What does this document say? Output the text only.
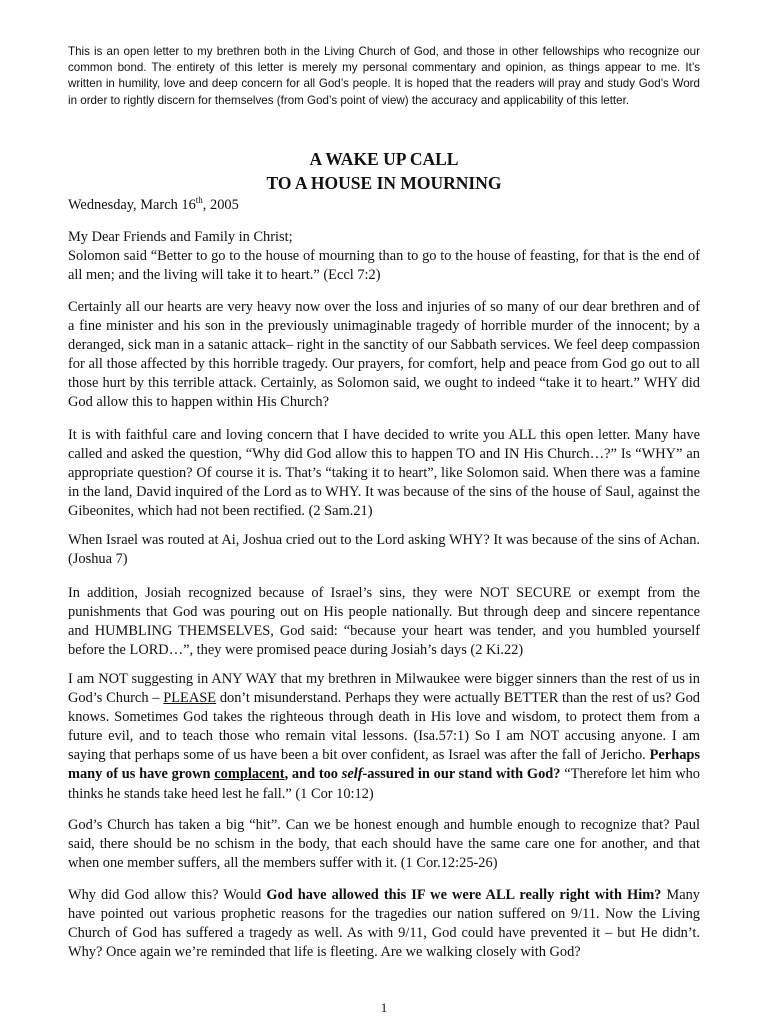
This is an open letter to my brethren both in the Living Church of God, and those in other fellowships who recognize our common bond. The entirety of this letter is merely my personal commentary and opinion, as things appear to me. It’s written in humility, love and deep concern for all God’s people. It is hoped that the readers will pray and study God’s Word in order to rightly discern for themselves (from God’s point of view) the accuracy and applicability of this letter.

A WAKE UP CALL
TO A HOUSE IN MOURNING

Wednesday, March 16th, 2005

My Dear Friends and Family in Christ;

Solomon said “Better to go to the house of mourning than to go to the house of feasting, for that is the end of all men; and the living will take it to heart.” (Eccl 7:2)

Certainly all our hearts are very heavy now over the loss and injuries of so many of our dear brethren and of a fine minister and his son in the previously unimaginable tragedy of horrible murder of the innocent; by a deranged, sick man in a satanic attack– right in the sanctity of our Sabbath services. We feel deep compassion for all those affected by this horrible tragedy. Our prayers, for comfort, help and peace from God go out to all those hurt by this terrible attack. Certainly, as Solomon said, we ought to indeed “take it to heart.” WHY did God allow this to happen within His Church?

It is with faithful care and loving concern that I have decided to write you ALL this open letter. Many have called and asked the question, “Why did God allow this to happen TO and IN His Church…?” Is “WHY” an appropriate question? Of course it is. That’s “taking it to heart”, like Solomon said. When there was a famine in the land, David inquired of the Lord as to WHY. It was because of the sins of the house of Saul, against the Gibeonites, which had not been rectified. (2 Sam.21)

When Israel was routed at Ai, Joshua cried out to the Lord asking WHY? It was because of the sins of Achan. (Joshua 7)

In addition, Josiah recognized because of Israel’s sins, they were NOT SECURE or exempt from the punishments that God was pouring out on His people nationally. But through deep and sincere repentance and HUMBLING THEMSELVES, God said: “because your heart was tender, and you humbled yourself before the LORD…”, they were promised peace during Josiah’s days (2 Ki.22)

I am NOT suggesting in ANY WAY that my brethren in Milwaukee were bigger sinners than the rest of us in God’s Church – PLEASE don’t misunderstand. Perhaps they were actually BETTER than the rest of us? God knows. Sometimes God takes the righteous through death in His love and wisdom, to protect them from a future evil, and to teach those who remain vital lessons. (Isa.57:1) So I am NOT accusing anyone. I am saying that perhaps some of us have been a bit over confident, as Israel was after the fall of Jericho. Perhaps many of us have grown complacent, and too self-assured in our stand with God? “Therefore let him who thinks he stands take heed lest he fall.” (1 Cor 10:12)

God’s Church has taken a big “hit”. Can we be honest enough and humble enough to recognize that? Paul said, there should be no schism in the body, that each should have the same care one for another, and that when one member suffers, all the members suffer with it. (1 Cor.12:25-26)

Why did God allow this? Would God have allowed this IF we were ALL really right with Him? Many have pointed out various prophetic reasons for the tragedies our nation suffered on 9/11. Now the Living Church of God has suffered a tragedy as well. As with 9/11, God could have prevented it – but He didn’t. Why? Once again we’re reminded that life is fleeting. Are we walking closely with God?

1
